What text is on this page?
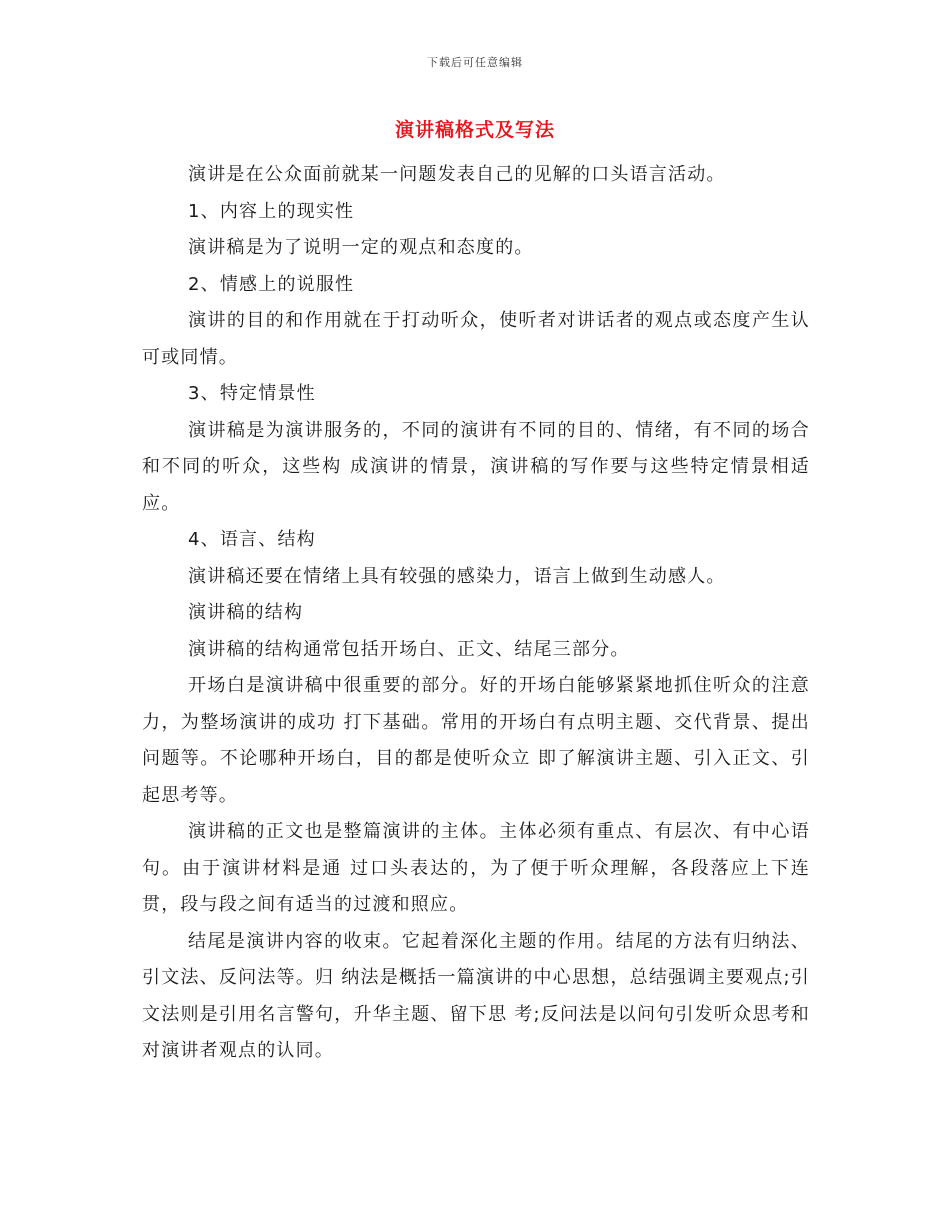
下载后可任意编辑
演讲稿格式及写法

演讲是在公众面前就某一问题发表自己的见解的口头语言活动。

1、内容上的现实性

演讲稿是为了说明一定的观点和态度的。

2、情感上的说服性

演讲的目的和作用就在于打动听众，使听者对讲话者的观点或态度产生认可或同情。

3、特定情景性

演讲稿是为演讲服务的，不同的演讲有不同的目的、情绪，有不同的场合和不同的听众，这些构 成演讲的情景，演讲稿的写作要与这些特定情景相适应。

4、语言、结构

演讲稿还要在情绪上具有较强的感染力，语言上做到生动感人。

演讲稿的结构

演讲稿的结构通常包括开场白、正文、结尾三部分。

开场白是演讲稿中很重要的部分。好的开场白能够紧紧地抓住听众的注意力，为整场演讲的成功 打下基础。常用的开场白有点明主题、交代背景、提出问题等。不论哪种开场白，目的都是使听众立 即了解演讲主题、引入正文、引起思考等。

演讲稿的正文也是整篇演讲的主体。主体必须有重点、有层次、有中心语句。由于演讲材料是通 过口头表达的，为了便于听众理解，各段落应上下连贯，段与段之间有适当的过渡和照应。

结尾是演讲内容的收束。它起着深化主题的作用。结尾的方法有归纳法、引文法、反问法等。归 纳法是概括一篇演讲的中心思想，总结强调主要观点;引文法则是引用名言警句，升华主题、留下思 考;反问法是以问句引发听众思考和对演讲者观点的认同。
